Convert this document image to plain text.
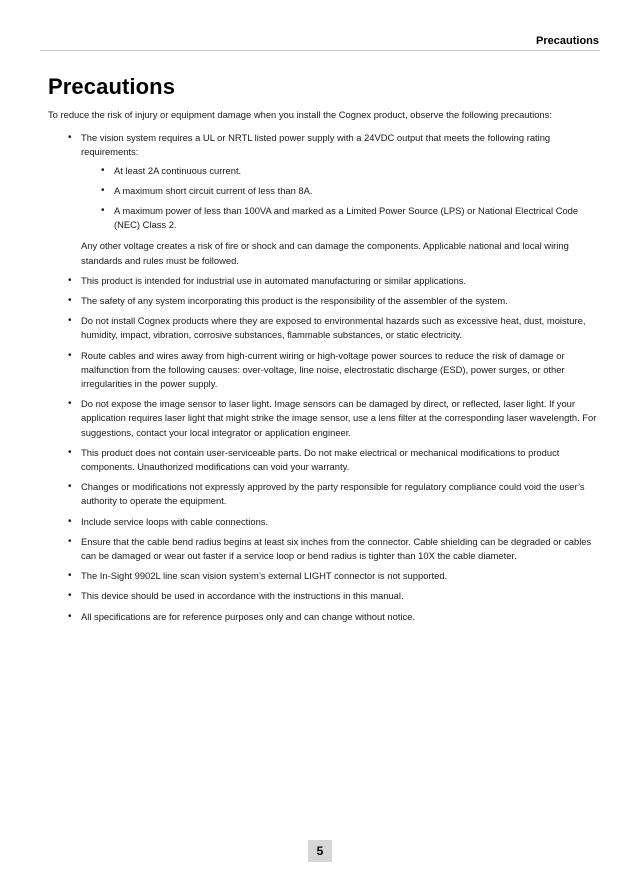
Precautions
Precautions

To reduce the risk of injury or equipment damage when you install the Cognex product, observe the following precautions:

• The vision system requires a UL or NRTL listed power supply with a 24VDC output that meets the following rating requirements:
• At least 2A continuous current.
• A maximum short circuit current of less than 8A.
• A maximum power of less than 100VA and marked as a Limited Power Source (LPS) or National Electrical Code (NEC) Class 2.

Any other voltage creates a risk of fire or shock and can damage the components. Applicable national and local wiring standards and rules must be followed.

• This product is intended for industrial use in automated manufacturing or similar applications.
• The safety of any system incorporating this product is the responsibility of the assembler of the system.
• Do not install Cognex products where they are exposed to environmental hazards such as excessive heat, dust, moisture, humidity, impact, vibration, corrosive substances, flammable substances, or static electricity.
• Route cables and wires away from high-current wiring or high-voltage power sources to reduce the risk of damage or malfunction from the following causes: over-voltage, line noise, electrostatic discharge (ESD), power surges, or other irregularities in the power supply.
• Do not expose the image sensor to laser light. Image sensors can be damaged by direct, or reflected, laser light. If your application requires laser light that might strike the image sensor, use a lens filter at the corresponding laser wavelength. For suggestions, contact your local integrator or application engineer.
• This product does not contain user-serviceable parts. Do not make electrical or mechanical modifications to product components. Unauthorized modifications can void your warranty.
• Changes or modifications not expressly approved by the party responsible for regulatory compliance could void the user’s authority to operate the equipment.
• Include service loops with cable connections.
• Ensure that the cable bend radius begins at least six inches from the connector. Cable shielding can be degraded or cables can be damaged or wear out faster if a service loop or bend radius is tighter than 10X the cable diameter.
• The In-Sight 9902L line scan vision system’s external LIGHT connector is not supported.
• This device should be used in accordance with the instructions in this manual.
• All specifications are for reference purposes only and can change without notice.
5
